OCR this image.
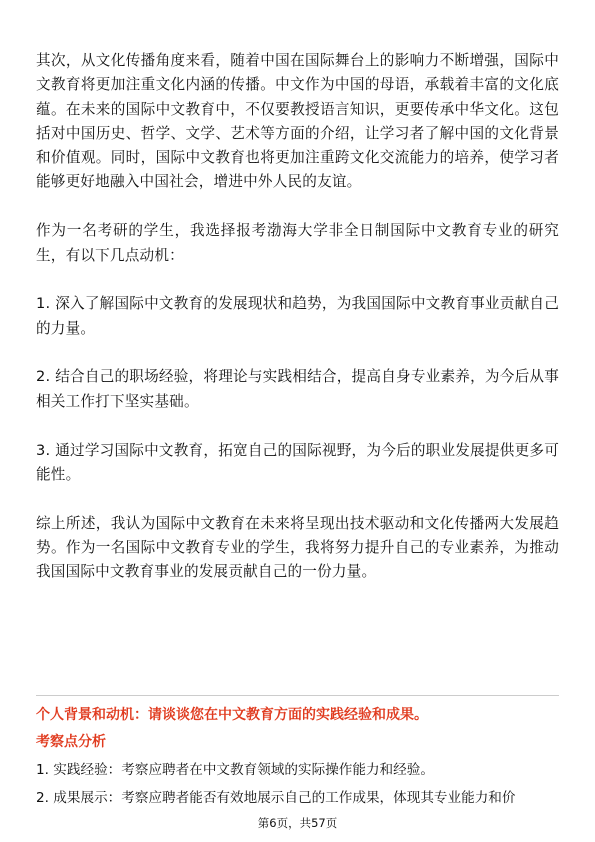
其次，从文化传播角度来看，随着中国在国际舞台上的影响力不断增强，国际中文教育将更加注重文化内涵的传播。中文作为中国的母语，承载着丰富的文化底蕴。在未来的国际中文教育中，不仅要教授语言知识，更要传承中华文化。这包括对中国历史、哲学、文学、艺术等方面的介绍，让学习者了解中国的文化背景和价值观。同时，国际中文教育也将更加注重跨文化交流能力的培养，使学习者能够更好地融入中国社会，增进中外人民的友谊。

作为一名考研的学生，我选择报考渤海大学非全日制国际中文教育专业的研究生，有以下几点动机：

1. 深入了解国际中文教育的发展现状和趋势，为我国国际中文教育事业贡献自己的力量。

2. 结合自己的职场经验，将理论与实践相结合，提高自身专业素养，为今后从事相关工作打下坚实基础。

3. 通过学习国际中文教育，拓宽自己的国际视野，为今后的职业发展提供更多可能性。

综上所述，我认为国际中文教育在未来将呈现出技术驱动和文化传播两大发展趋势。作为一名国际中文教育专业的学生，我将努力提升自己的专业素养，为推动我国国际中文教育事业的发展贡献自己的一份力量。

个人背景和动机：请谈谈您在中文教育方面的实践经验和成果。

考察点分析

1. 实践经验：考察应聘者在中文教育领域的实际操作能力和经验。

2. 成果展示：考察应聘者能否有效地展示自己的工作成果，体现其专业能力和价

第6页，共57页
